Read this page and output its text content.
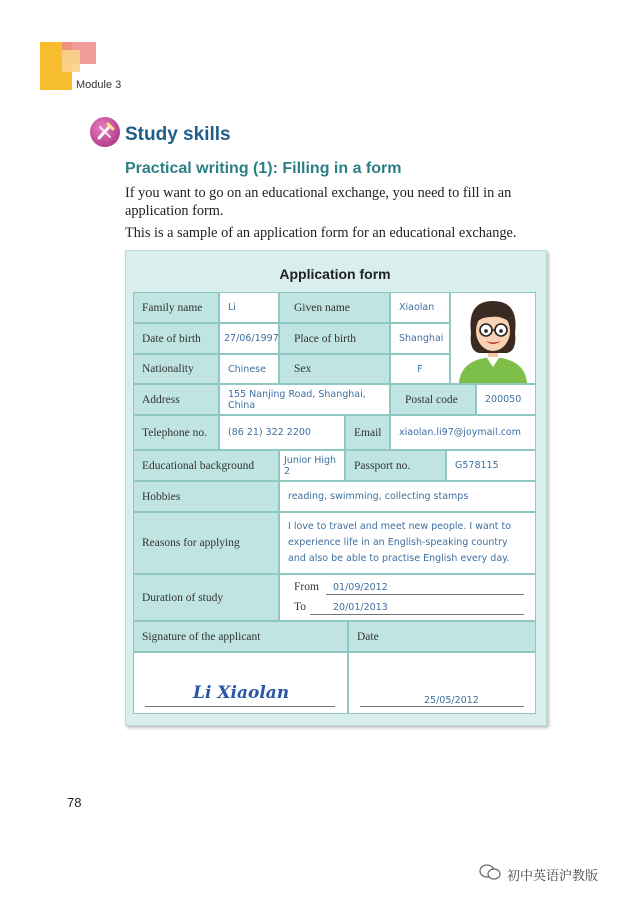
Module 3
Study skills
Practical writing (1): Filling in a form
If you want to go on an educational exchange, you need to fill in an application form.
This is a sample of an application form for an educational exchange.
Application form
Family name	Li	Given name	Xiaolan
Date of birth	27/06/1997	Place of birth	Shanghai
Nationality	Chinese	Sex	F
Address	155 Nanjing Road, Shanghai, China	Postal code	200050
Telephone no.	(86 21) 322 2200	Email	xiaolan.li97@joymail.com
Educational background	Junior High 2	Passport no.	G578115
Hobbies	reading, swimming, collecting stamps
Reasons for applying
I love to travel and meet new people. I want to experience life in an English-speaking country and also be able to practise English every day.
Duration of study
From 01/09/2012
To	20/01/2013
Signature of the applicant	Date
Li Xiaolan	25/05/2012
78
初中英语沪教版
